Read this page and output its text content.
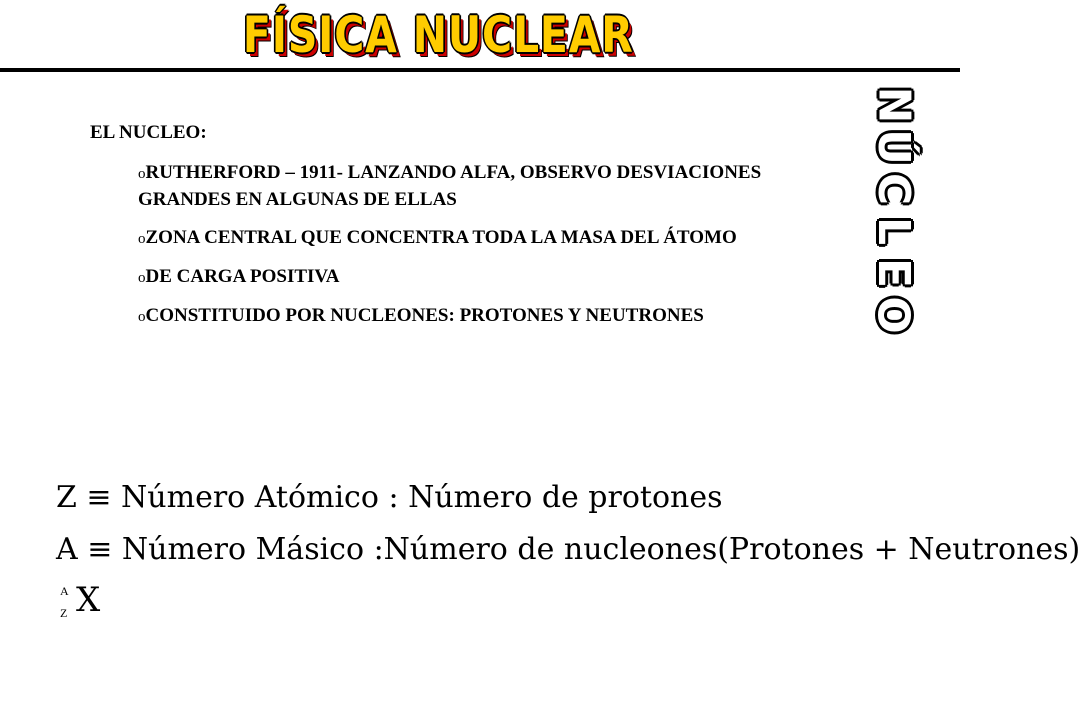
FÍSICA NUCLEAR
N
Ú
C
L
E
O
EL NUCLEO:
oRUTHERFORD – 1911- LANZANDO ALFA, OBSERVO DESVIACIONES GRANDES EN ALGUNAS DE ELLAS
oZONA CENTRAL QUE CONCENTRA TODA LA MASA DEL ÁTOMO
oDE CARGA POSITIVA
oCONSTITUIDO POR NUCLEONES: PROTONES Y NEUTRONES
Z ≡ Número Atómico : Número de protones
A ≡ Número Másico :Número de nucleones(Protones + Neutrones)
A
Z X
